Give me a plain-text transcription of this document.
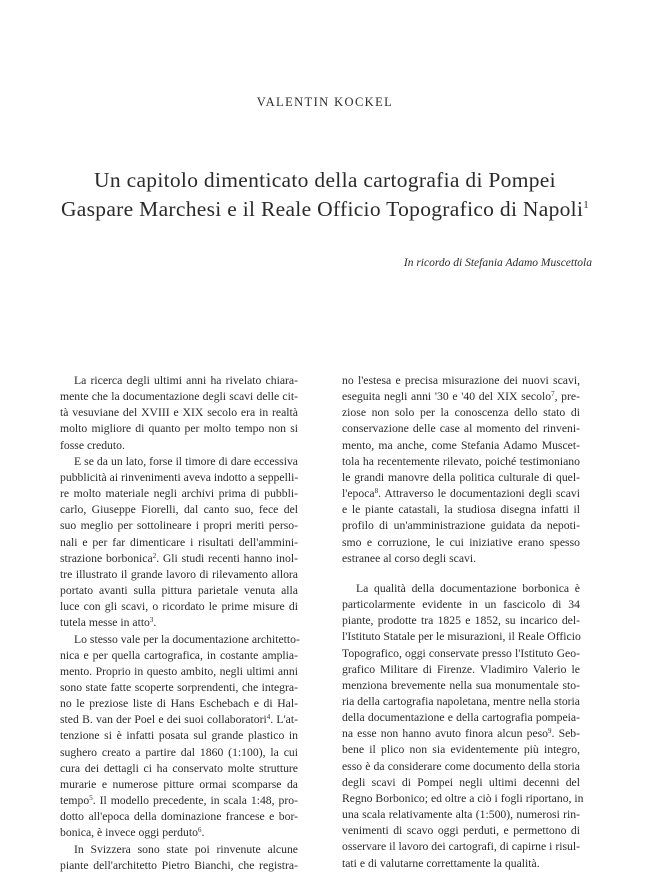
VALENTIN KOCKEL
Un capitolo dimenticato della cartografia di Pompei
Gaspare Marchesi e il Reale Officio Topografico di Napoli$^1$
In ricordo di Stefania Adamo Muscettola

La ricerca degli ultimi anni ha rivelato chiara-
mente che la documentazione degli scavi delle cit-
tà vesuviane del XVIII e XIX secolo era in realtà
molto migliore di quanto per molto tempo non si
fosse creduto.

E se da un lato, forse il timore di dare eccessiva
pubblicità ai rinvenimenti aveva indotto a seppelli-
re molto materiale negli archivi prima di pubbli-
carlo, Giuseppe Fiorelli, dal canto suo, fece del
suo meglio per sottolineare i propri meriti perso-
nali e per far dimenticare i risultati dell'ammini-
strazione borbonica$^2$. Gli studi recenti hanno inol-
tre illustrato il grande lavoro di rilevamento allora
portato avanti sulla pittura parietale venuta alla
luce con gli scavi, o ricordato le prime misure di
tutela messe in atto$^3$.

Lo stesso vale per la documentazione architetto-
nica e per quella cartografica, in costante amplia-
mento. Proprio in questo ambito, negli ultimi anni
sono state fatte scoperte sorprendenti, che integra-
no le preziose liste di Hans Eschebach e di Hal-
sted B. van der Poel e dei suoi collaboratori$^4$. L'at-
tenzione si è infatti posata sul grande plastico in
sughero creato a partire dal 1860 (1:100), la cui
cura dei dettagli ci ha conservato molte strutture
murarie e numerose pitture ormai scomparse da
tempo$^5$. Il modello precedente, in scala 1:48, pro-
dotto all'epoca della dominazione francese e bor-
bonica, è invece oggi perduto$^6$.

In Svizzera sono state poi rinvenute alcune
piante dell'architetto Pietro Bianchi, che registra-

no l'estesa e precisa misurazione dei nuovi scavi,
eseguita negli anni '30 e '40 del XIX secolo$^7$, pre-
ziose non solo per la conoscenza dello stato di
conservazione delle case al momento del rinveni-
mento, ma anche, come Stefania Adamo Muscet-
tola ha recentemente rilevato, poiché testimoniano
le grandi manovre della politica culturale di quel-
l'epoca$^8$. Attraverso le documentazioni degli scavi
e le piante catastali, la studiosa disegna infatti il
profilo di un'amministrazione guidata da nepoti-
smo e corruzione, le cui iniziative erano spesso
estranee al corso degli scavi.

La qualità della documentazione borbonica è
particolarmente evidente in un fascicolo di 34
piante, prodotte tra 1825 e 1852, su incarico del-
l'Istituto Statale per le misurazioni, il Reale Officio
Topografico, oggi conservate presso l'Istituto Geo-
grafico Militare di Firenze. Vladimiro Valerio le
menziona brevemente nella sua monumentale sto-
ria della cartografia napoletana, mentre nella storia
della documentazione e della cartografia pompeia-
na esse non hanno avuto finora alcun peso$^9$. Seb-
bene il plico non sia evidentemente più integro,
esso è da considerare come documento della storia
degli scavi di Pompei negli ultimi decenni del
Regno Borbonico; ed oltre a ciò i fogli riportano, in
una scala relativamente alta (1:500), numerosi rin-
venimenti di scavo oggi perduti, e permettono di
osservare il lavoro dei cartografi, di capirne i risul-
tati e di valutarne correttamente la qualità.
